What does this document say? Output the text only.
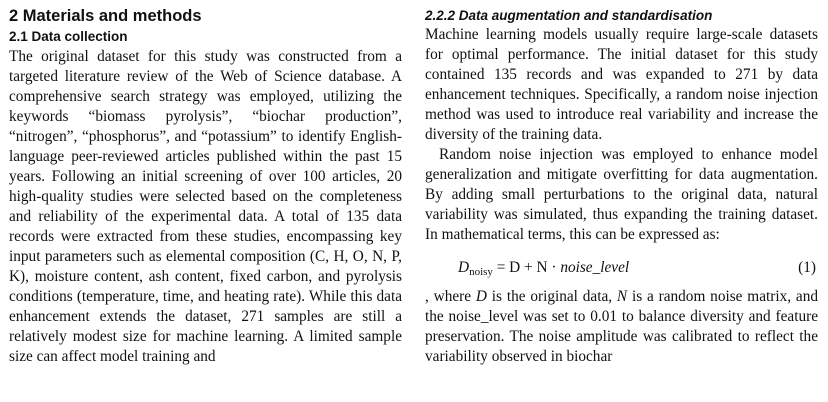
2 Materials and methods
2.1 Data collection

The original dataset for this study was constructed from a targeted literature review of the Web of Science database. A comprehensive search strategy was employed, utilizing the keywords “biomass pyrolysis”, “biochar production”, “nitrogen”, “phosphorus”, and “potassium” to identify English-language peer-reviewed articles published within the past 15 years. Following an initial screening of over 100 articles, 20 high-quality studies were selected based on the completeness and reliability of the experimental data. A total of 135 data records were extracted from these studies, encompassing key input parameters such as elemental composition (C, H, O, N, P, K), moisture content, ash content, fixed carbon, and pyrolysis conditions (temperature, time, and heating rate). While this data enhancement extends the dataset, 271 samples are still a relatively modest size for machine learning. A limited sample size can affect model training and

2.2.2 Data augmentation and standardisation

Machine learning models usually require large-scale datasets for optimal performance. The initial dataset for this study contained 135 records and was expanded to 271 by data enhancement techniques. Specifically, a random noise injection method was used to introduce real variability and increase the diversity of the training data.

Random noise injection was employed to enhance model generalization and mitigate overfitting for data augmentation. By adding small perturbations to the original data, natural variability was simulated, thus expanding the training dataset. In mathematical terms, this can be expressed as:

$D_{noisy} = D + N$ · noise_level	(1)

, where D is the original data, N is a random noise matrix, and the noise_level was set to 0.01 to balance diversity and feature preservation. The noise amplitude was calibrated to reflect the variability observed in biochar
